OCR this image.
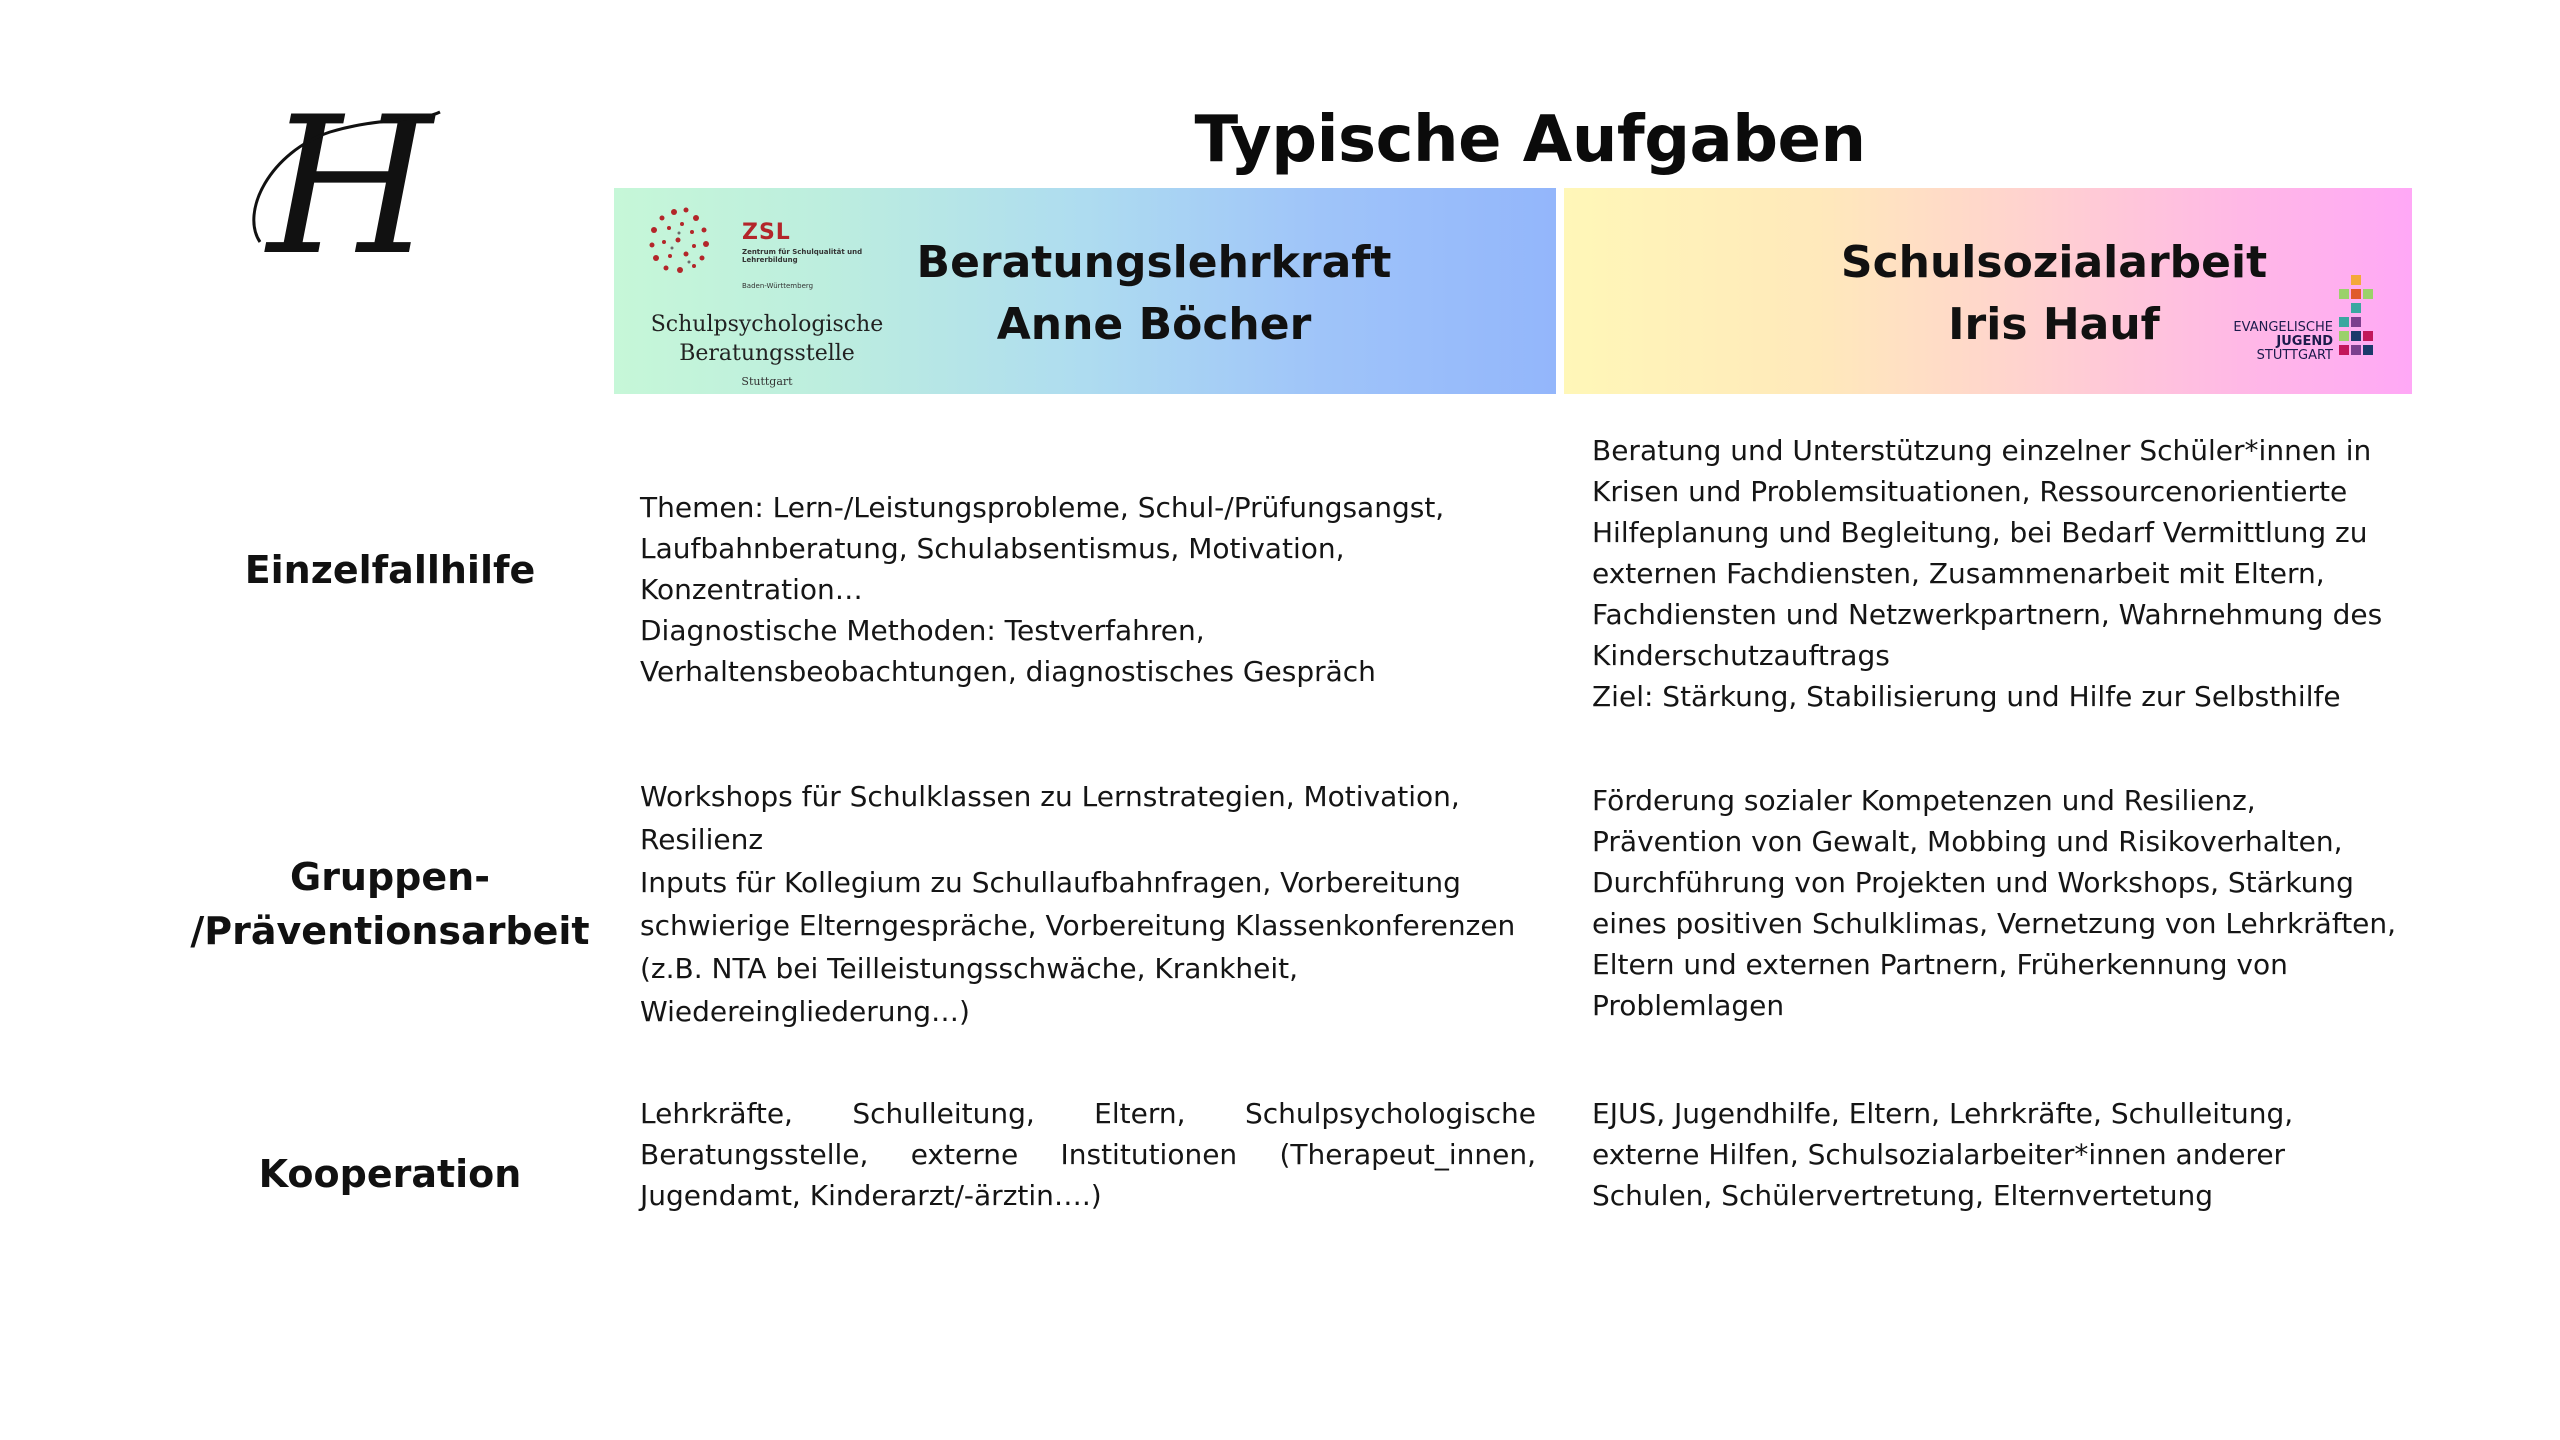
H	Typische Aufgaben
ZSL
Zentrum für Schulqualität und Lehrerbildung
Baden-Württemberg
Schulpsychologische
Beratungsstelle
Stuttgart
Beratungslehrkraft
Anne Böcher
Schulsozialarbeit
Iris Hauf	EVANGELISCHE
JUGEND
STUTTGART
Einzelfallhilfe
Themen: Lern-/Leistungsprobleme, Schul-/Prüfungsangst,
Laufbahnberatung, Schulabsentismus, Motivation,
Konzentration…
Diagnostische Methoden: Testverfahren,
Verhaltensbeobachtungen, diagnostisches Gespräch
Beratung und Unterstützung einzelner Schüler*innen in
Krisen und Problemsituationen, Ressourcenorientierte
Hilfeplanung und Begleitung, bei Bedarf Vermittlung zu
externen Fachdiensten, Zusammenarbeit mit Eltern,
Fachdiensten und Netzwerkpartnern, Wahrnehmung des
Kinderschutzauftrags
Ziel: Stärkung, Stabilisierung und Hilfe zur Selbsthilfe
Gruppen-
/Präventionsarbeit
Workshops für Schulklassen zu Lernstrategien, Motivation,
Resilienz
Inputs für Kollegium zu Schullaufbahnfragen, Vorbereitung
schwierige Elterngespräche, Vorbereitung Klassenkonferenzen
(z.B. NTA bei Teilleistungsschwäche, Krankheit,
Wiedereingliederung…)
Förderung sozialer Kompetenzen und Resilienz,
Prävention von Gewalt, Mobbing und Risikoverhalten,
Durchführung von Projekten und Workshops, Stärkung
eines positiven Schulklimas, Vernetzung von Lehrkräften,
Eltern und externen Partnern, Früherkennung von
Problemlagen
Kooperation
Lehrkräfte, Schulleitung, Eltern, Schulpsychologische
Beratungsstelle, externe Institutionen (Therapeut_innen,
Jugendamt, Kinderarzt/-ärztin….)
EJUS, Jugendhilfe, Eltern, Lehrkräfte, Schulleitung,
externe Hilfen, Schulsozialarbeiter*innen anderer
Schulen, Schülervertretung, Elternvertetung
